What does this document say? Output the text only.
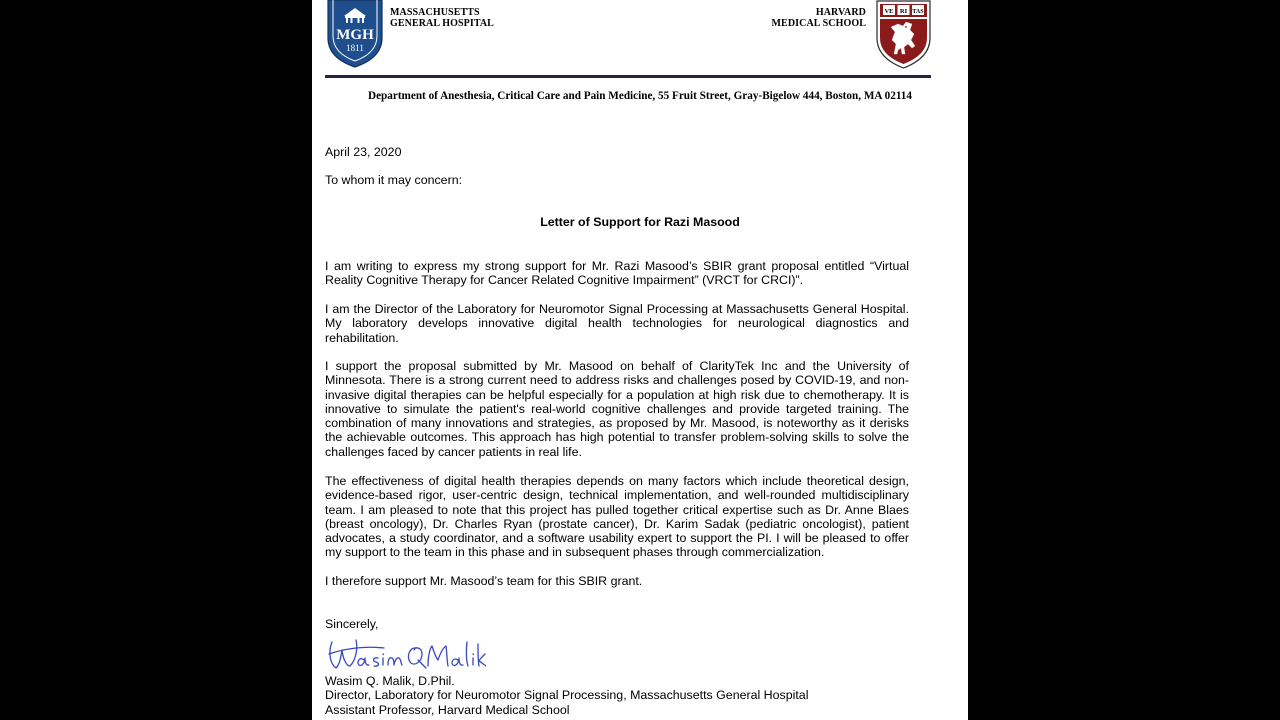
MGH
1811
MASSACHUSETTS
GENERAL HOSPITAL
HARVARD
MEDICAL SCHOOL
VE RI TAS
Department of Anesthesia, Critical Care and Pain Medicine, 55 Fruit Street, Gray-Bigelow 444, Boston, MA 02114
April 23, 2020
To whom it may concern:
Letter of Support for Razi Masood
I am writing to express my strong support for Mr. Razi Masood’s SBIR grant proposal entitled “Virtual Reality Cognitive Therapy for Cancer Related Cognitive Impairment” (VRCT for CRCI)”.
I am the Director of the Laboratory for Neuromotor Signal Processing at Massachusetts General Hospital. My laboratory develops innovative digital health technologies for neurological diagnostics and rehabilitation.
I support the proposal submitted by Mr. Masood on behalf of ClarityTek Inc and the University of Minnesota. There is a strong current need to address risks and challenges posed by COVID-19, and non-invasive digital therapies can be helpful especially for a population at high risk due to chemotherapy. It is innovative to simulate the patient's real-world cognitive challenges and provide targeted training. The combination of many innovations and strategies, as proposed by Mr. Masood, is noteworthy as it derisks the achievable outcomes. This approach has high potential to transfer problem-solving skills to solve the challenges faced by cancer patients in real life.
The effectiveness of digital health therapies depends on many factors which include theoretical design, evidence-based rigor, user-centric design, technical implementation, and well-rounded multidisciplinary team. I am pleased to note that this project has pulled together critical expertise such as Dr. Anne Blaes (breast oncology), Dr. Charles Ryan (prostate cancer), Dr. Karim Sadak (pediatric oncologist), patient advocates, a study coordinator, and a software usability expert to support the PI. I will be pleased to offer my support to the team in this phase and in subsequent phases through commercialization.
I therefore support Mr. Masood’s team for this SBIR grant.
Sincerely,
Wasim Q. Malik, D.Phil.
Director, Laboratory for Neuromotor Signal Processing, Massachusetts General Hospital
Assistant Professor, Harvard Medical School
